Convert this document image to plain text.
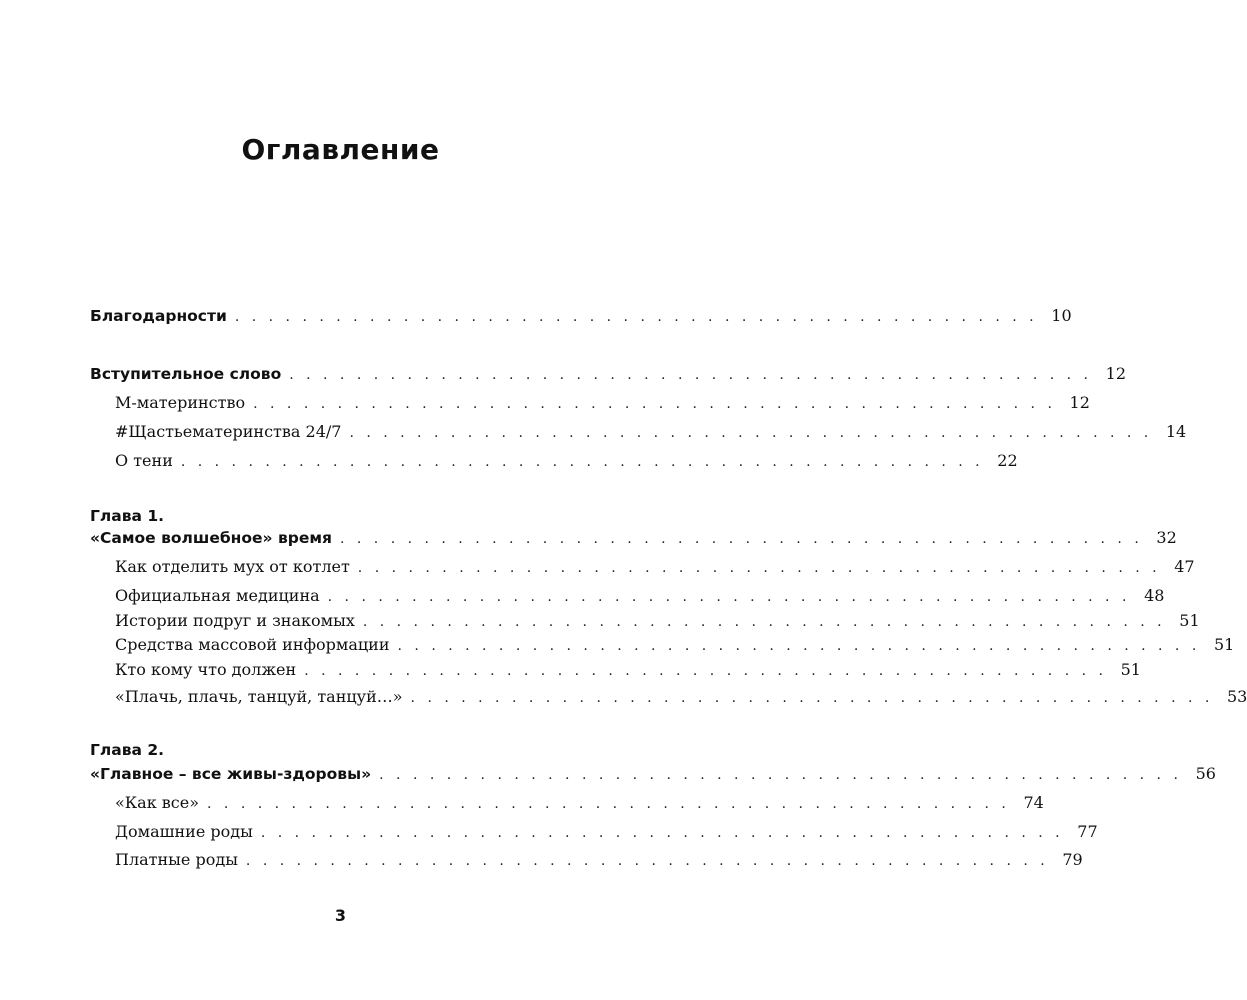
Оглавление
Благодарности . . . . . . . . . . . . . . . . . . . . . . . . . . . . . . . . . . . . . . . . . . . . . . . . 10
Вступительное слово . . . . . . . . . . . . . . . . . . . . . . . . . . . . . . . . . . . . . . . . . . . . . . . . 12
М-материнство . . . . . . . . . . . . . . . . . . . . . . . . . . . . . . . . . . . . . . . . . . . . . . . . 12
#Щастьематеринства 24/7 . . . . . . . . . . . . . . . . . . . . . . . . . . . . . . . . . . . . . . . . . . . . . . . . 14
О тени . . . . . . . . . . . . . . . . . . . . . . . . . . . . . . . . . . . . . . . . . . . . . . . . 22
Глава 1.
«Самое волшебное» время . . . . . . . . . . . . . . . . . . . . . . . . . . . . . . . . . . . . . . . . . . . . . . . . 32
Как отделить мух от котлет . . . . . . . . . . . . . . . . . . . . . . . . . . . . . . . . . . . . . . . . . . . . . . . . 47
Официальная медицина . . . . . . . . . . . . . . . . . . . . . . . . . . . . . . . . . . . . . . . . . . . . . . . . 48
Истории подруг и знакомых . . . . . . . . . . . . . . . . . . . . . . . . . . . . . . . . . . . . . . . . . . . . . . . . 51
Средства массовой информации . . . . . . . . . . . . . . . . . . . . . . . . . . . . . . . . . . . . . . . . . . . . . . . . 51
Кто кому что должен . . . . . . . . . . . . . . . . . . . . . . . . . . . . . . . . . . . . . . . . . . . . . . . . 51
«Плачь, плачь, танцуй, танцуй…» . . . . . . . . . . . . . . . . . . . . . . . . . . . . . . . . . . . . . . . . . . . . . . . . 53
Глава 2.
«Главное – все живы-здоровы» . . . . . . . . . . . . . . . . . . . . . . . . . . . . . . . . . . . . . . . . . . . . . . . . 56
«Как все» . . . . . . . . . . . . . . . . . . . . . . . . . . . . . . . . . . . . . . . . . . . . . . . . 74
Домашние роды . . . . . . . . . . . . . . . . . . . . . . . . . . . . . . . . . . . . . . . . . . . . . . . . 77
Платные роды . . . . . . . . . . . . . . . . . . . . . . . . . . . . . . . . . . . . . . . . . . . . . . . . 79
3
